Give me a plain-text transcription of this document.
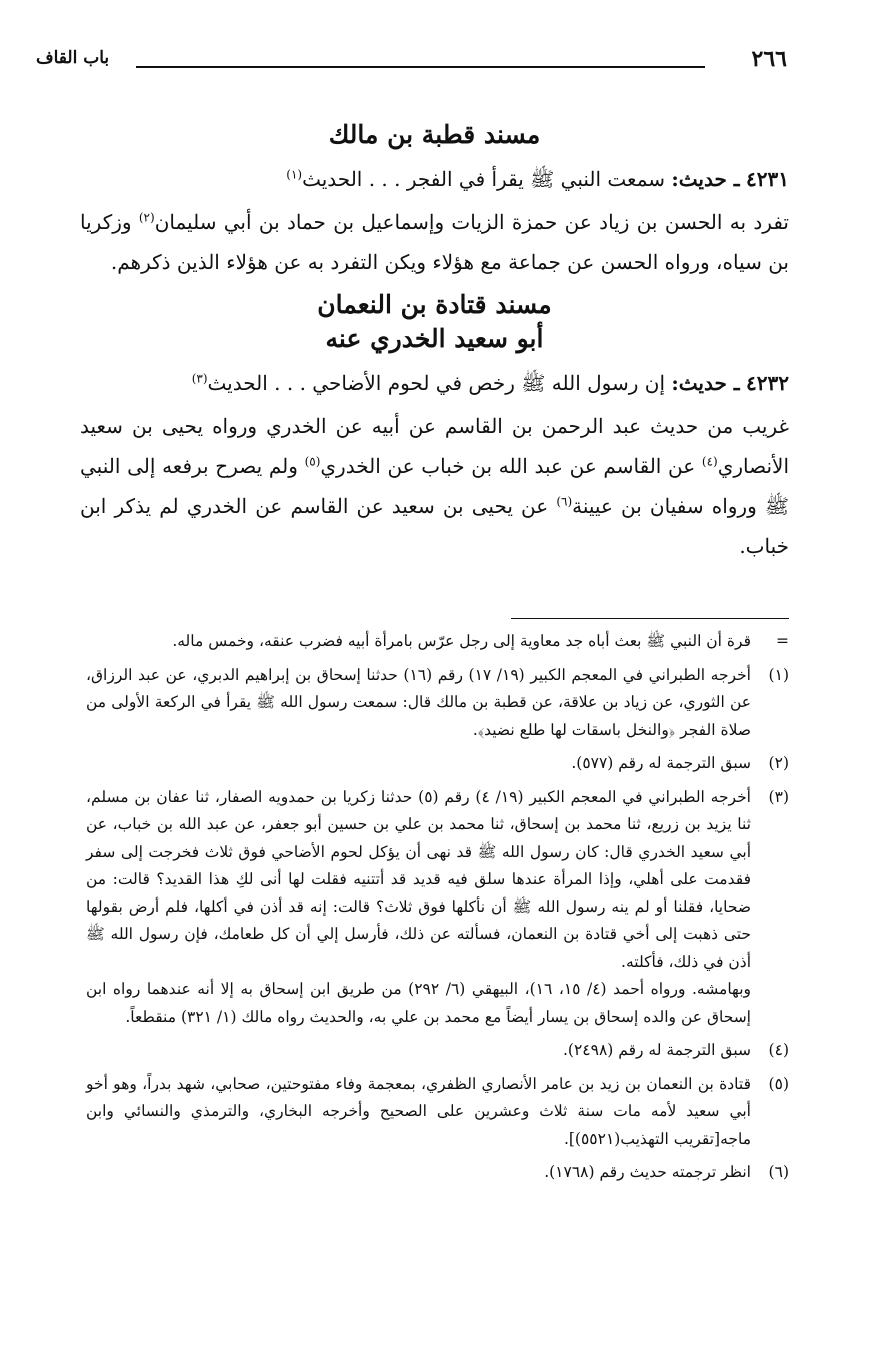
٢٦٦
باب القاف
مسند قطبة بن مالك

٤٢٣١ ـ حديث: سمعت النبي ﷺ يقرأ في الفجر . . . الحديث$^{(١)}$

تفرد به الحسن بن زياد عن حمزة الزيات وإسماعيل بن حماد بن أبي سليمان$^{(٢)}$ وزكريا بن سياه، ورواه الحسن عن جماعة مع هؤلاء ويكن التفرد به عن هؤلاء الذين ذكرهم.

مسند قتادة بن النعمان
أبو سعيد الخدري عنه

٤٢٣٢ ـ حديث: إن رسول الله ﷺ رخص في لحوم الأضاحي . . . الحديث$^{(٣)}$

غريب من حديث عبد الرحمن بن القاسم عن أبيه عن الخدري ورواه يحيى بن سعيد الأنصاري$^{(٤)}$ عن القاسم عن عبد الله بن خباب عن الخدري$^{(٥)}$ ولم يصرح برفعه إلى النبي ﷺ ورواه سفيان بن عيينة$^{(٦)}$ عن يحيى بن سعيد عن القاسم عن الخدري لم يذكر ابن خباب.

=
قرة أن النبي ﷺ بعث أباه جد معاوية إلى رجل عرّس بامرأة أبيه فضرب عنقه، وخمس ماله.
(١)
أخرجه الطبراني في المعجم الكبير (١٩/ ١٧) رقم (١٦) حدثنا إسحاق بن إبراهيم الدبري، عن عبد الرزاق، عن الثوري، عن زياد بن علاقة، عن قطبة بن مالك قال: سمعت رسول الله ﷺ يقرأ في الركعة الأولى من صلاة الفجر ﴿والنخل باسقات لها طلع نضيد﴾.
(٢)
سبق الترجمة له رقم (٥٧٧).
(٣)

أخرجه الطبراني في المعجم الكبير (١٩/ ٤) رقم (٥) حدثنا زكريا بن حمدويه الصفار، ثنا عفان بن مسلم، ثنا يزيد بن زريع، ثنا محمد بن إسحاق، ثنا محمد بن علي بن حسين أبو جعفر، عن عبد الله بن خباب، عن أبي سعيد الخدري قال: كان رسول الله ﷺ قد نهى أن يؤكل لحوم الأضاحي فوق ثلاث فخرجت إلى سفر فقدمت على أهلي، وإذا المرأة عندها سلق فيه قديد قد أتتنيه فقلت لها أنى لكِ هذا القديد؟ قالت: من ضحايا، فقلنا أو لم ينه رسول الله ﷺ أن نأكلها فوق ثلاث؟ قالت: إنه قد أذن في أكلها، فلم أرض بقولها حتى ذهبت إلى أخي قتادة بن النعمان، فسألته عن ذلك، فأرسل إلي أن كل طعامك، فإن رسول الله ﷺ أذن في ذلك، فأكلته.

وبهامشه. ورواه أحمد (٤/ ١٥، ١٦)، البيهقي (٦/ ٢٩٢) من طريق ابن إسحاق به إلا أنه عندهما رواه ابن إسحاق عن والده إسحاق بن يسار أيضاً مع محمد بن علي به، والحديث رواه مالك (١/ ٣٢١) منقطعاً.

(٤)
سبق الترجمة له رقم (٢٤٩٨).
(٥)
قتادة بن النعمان بن زيد بن عامر الأنصاري الظفري، بمعجمة وفاء مفتوحتين، صحابي، شهد بدراً، وهو أخو أبي سعيد لأمه مات سنة ثلاث وعشرين على الصحيح وأخرجه البخاري، والترمذي والنسائي وابن ماجه[تقريب التهذيب(٥٥٢١)].
(٦)
انظر ترجمته حديث رقم (١٧٦٨).
